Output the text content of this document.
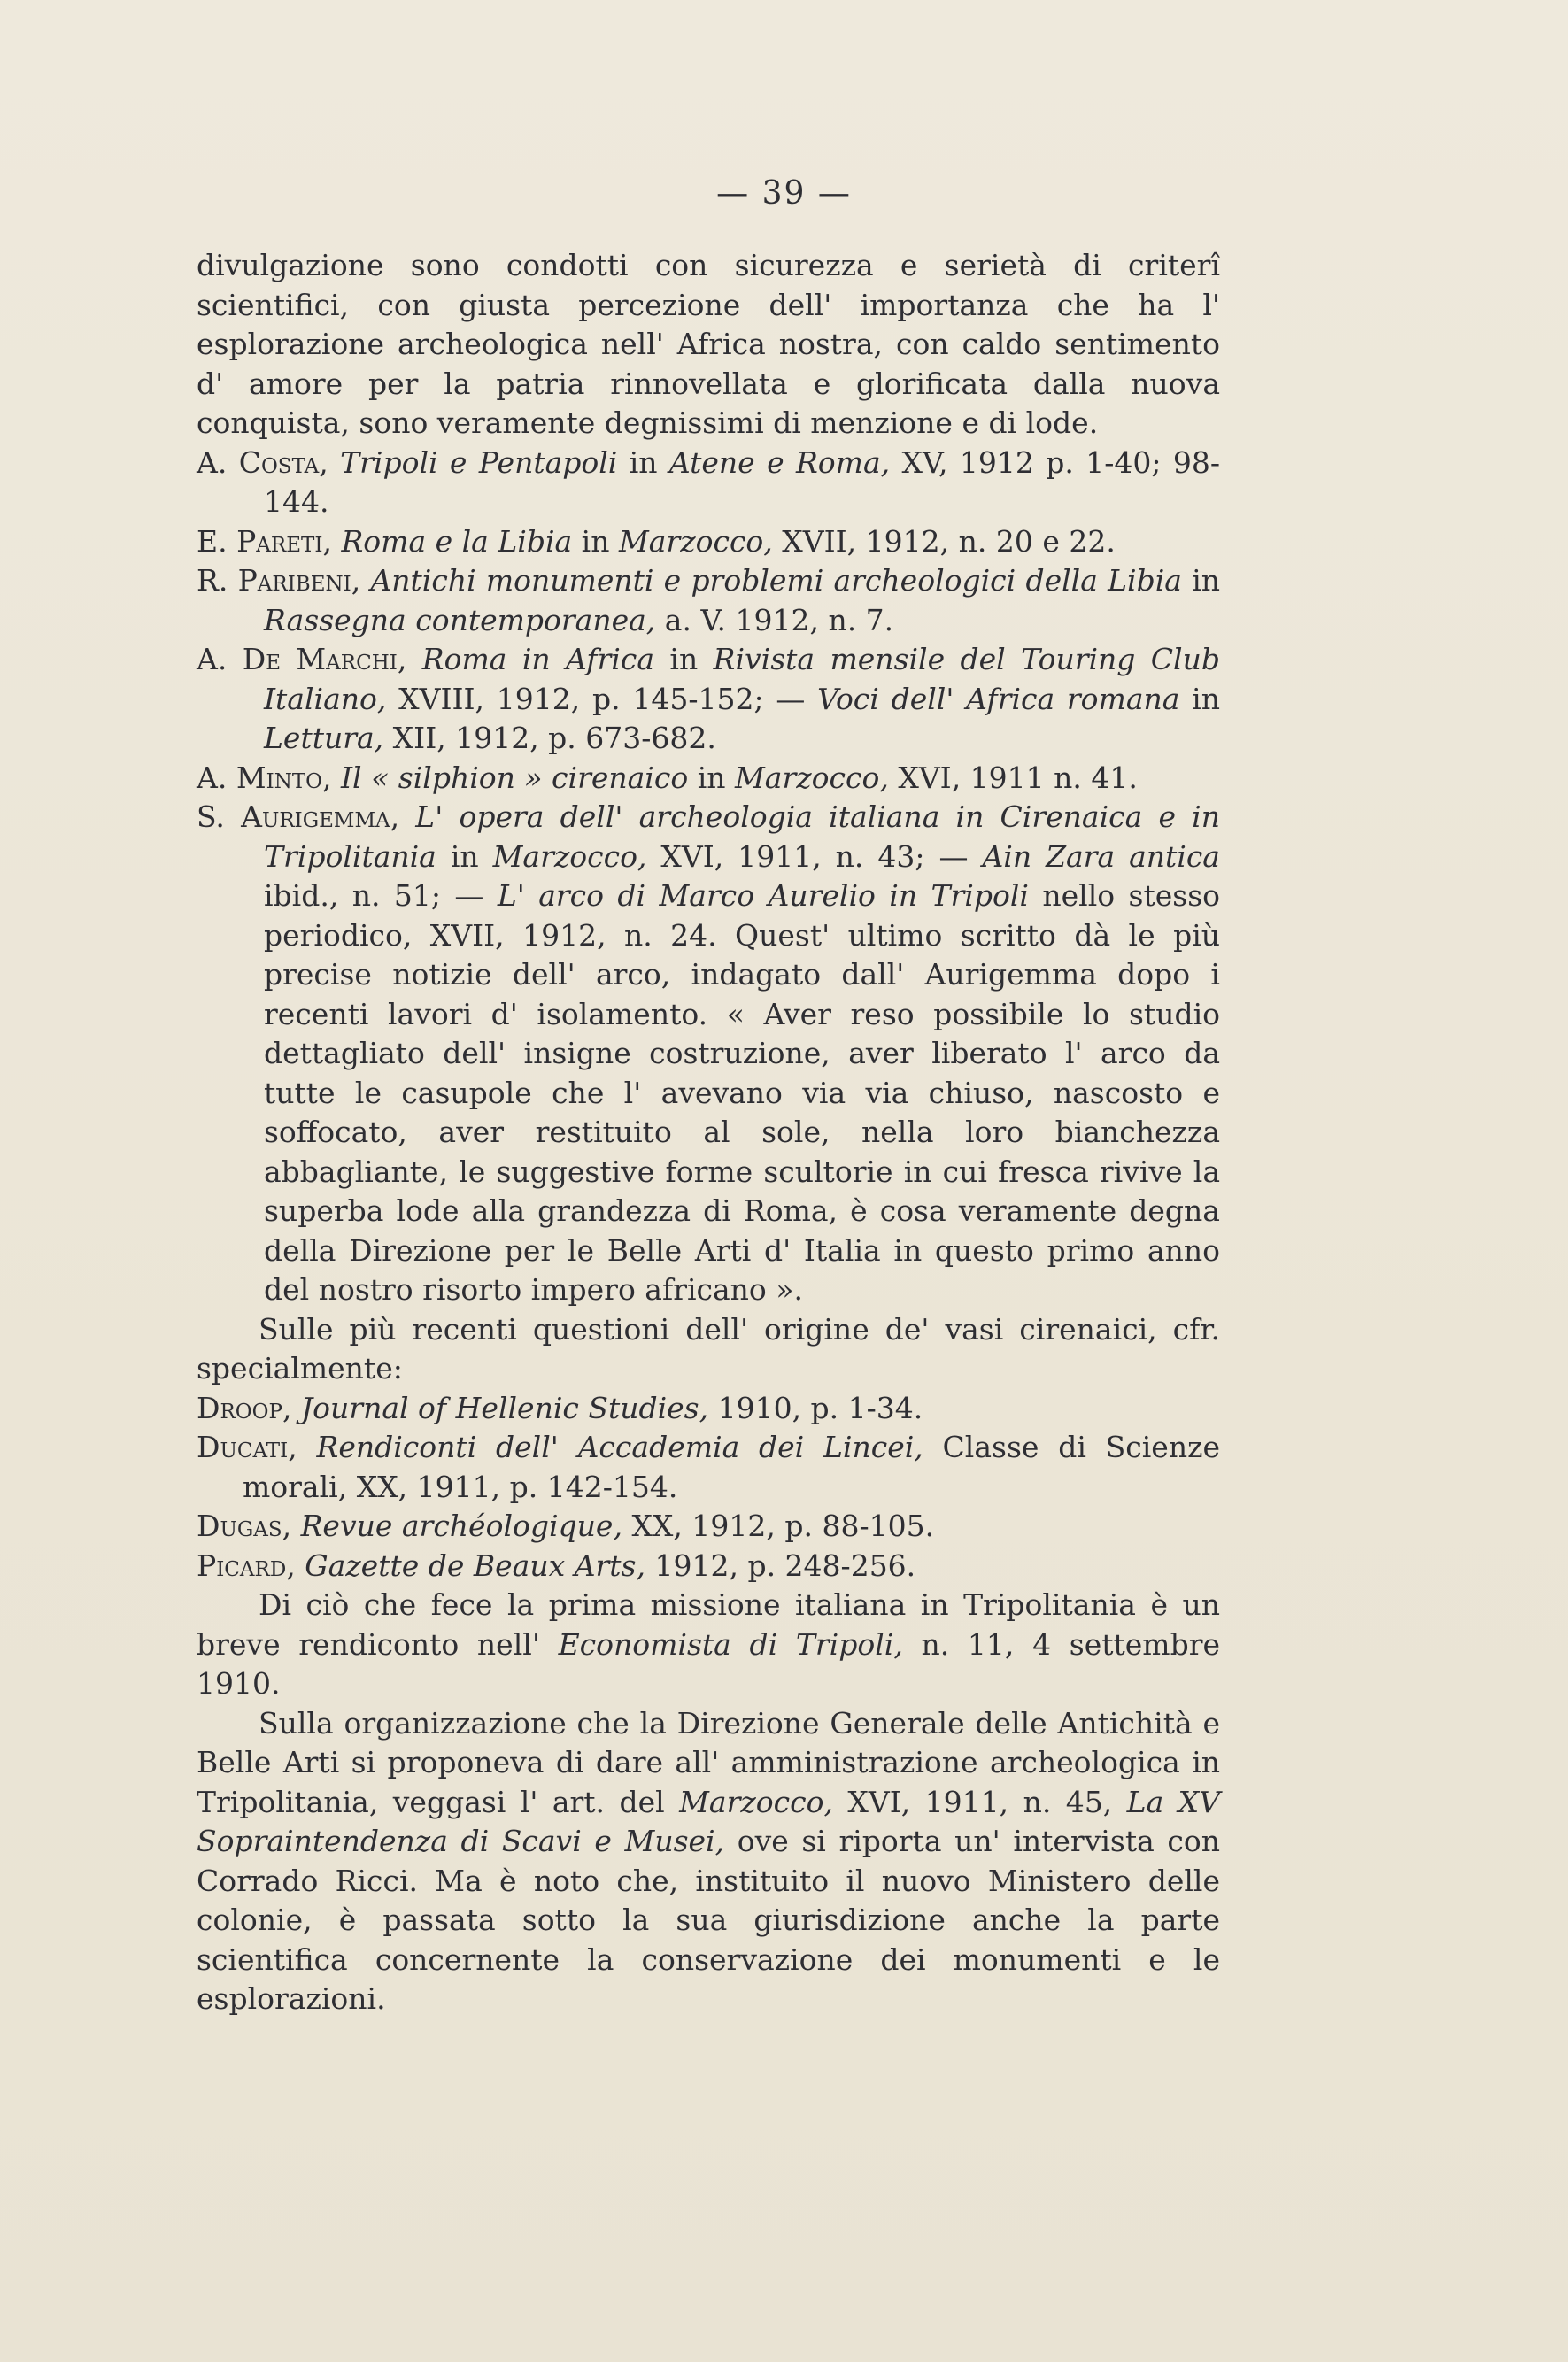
— 39 —

divulgazione sono condotti con sicurezza e serietà di criterî scientifici, con giusta percezione dell' importanza che ha l' esplorazione archeologica nell' Africa nostra, con caldo sentimento d' amore per la patria rinnovellata e glorificata dalla nuova conquista, sono veramente degnissimi di menzione e di lode.

A. Costa, Tripoli e Pentapoli in Atene e Roma, XV, 1912 p. 1-40; 98-144.

E. Pareti, Roma e la Libia in Marzocco, XVII, 1912, n. 20 e 22.

R. Paribeni, Antichi monumenti e problemi archeologici della Libia in Rassegna contemporanea, a. V. 1912, n. 7.

A. De Marchi, Roma in Africa in Rivista mensile del Touring Club Italiano, XVIII, 1912, p. 145-152; — Voci dell' Africa romana in Lettura, XII, 1912, p. 673-682.

A. Minto, Il « silphion » cirenaico in Marzocco, XVI, 1911 n. 41.

S. Aurigemma, L' opera dell' archeologia italiana in Cirenaica e in Tripolitania in Marzocco, XVI, 1911, n. 43; — Ain Zara antica ibid., n. 51; — L' arco di Marco Aurelio in Tripoli nello stesso periodico, XVII, 1912, n. 24. Quest' ultimo scritto dà le più precise notizie dell' arco, indagato dall' Aurigemma dopo i recenti lavori d' isolamento. « Aver reso possibile lo studio dettagliato dell' insigne costruzione, aver liberato l' arco da tutte le casupole che l' avevano via via chiuso, nascosto e soffocato, aver restituito al sole, nella loro bianchezza abbagliante, le suggestive forme scultorie in cui fresca rivive la superba lode alla grandezza di Roma, è cosa veramente degna della Direzione per le Belle Arti d' Italia in questo primo anno del nostro risorto impero africano ».

Sulle più recenti questioni dell' origine de' vasi cirenaici, cfr. specialmente:

Droop, Journal of Hellenic Studies, 1910, p. 1-34.

Ducati, Rendiconti dell' Accademia dei Lincei, Classe di Scienze morali, XX, 1911, p. 142-154.

Dugas, Revue archéologique, XX, 1912, p. 88-105.

Picard, Gazette de Beaux Arts, 1912, p. 248-256.

Di ciò che fece la prima missione italiana in Tripolitania è un breve rendiconto nell' Economista di Tripoli, n. 11, 4 settembre 1910.

Sulla organizzazione che la Direzione Generale delle Antichità e Belle Arti si proponeva di dare all' amministrazione archeologica in Tripolitania, veggasi l' art. del Marzocco, XVI, 1911, n. 45, La XV Sopraintendenza di Scavi e Musei, ove si riporta un' intervista con Corrado Ricci. Ma è noto che, instituito il nuovo Ministero delle colonie, è passata sotto la sua giurisdizione anche la parte scientifica concernente la conservazione dei monumenti e le esplorazioni.
